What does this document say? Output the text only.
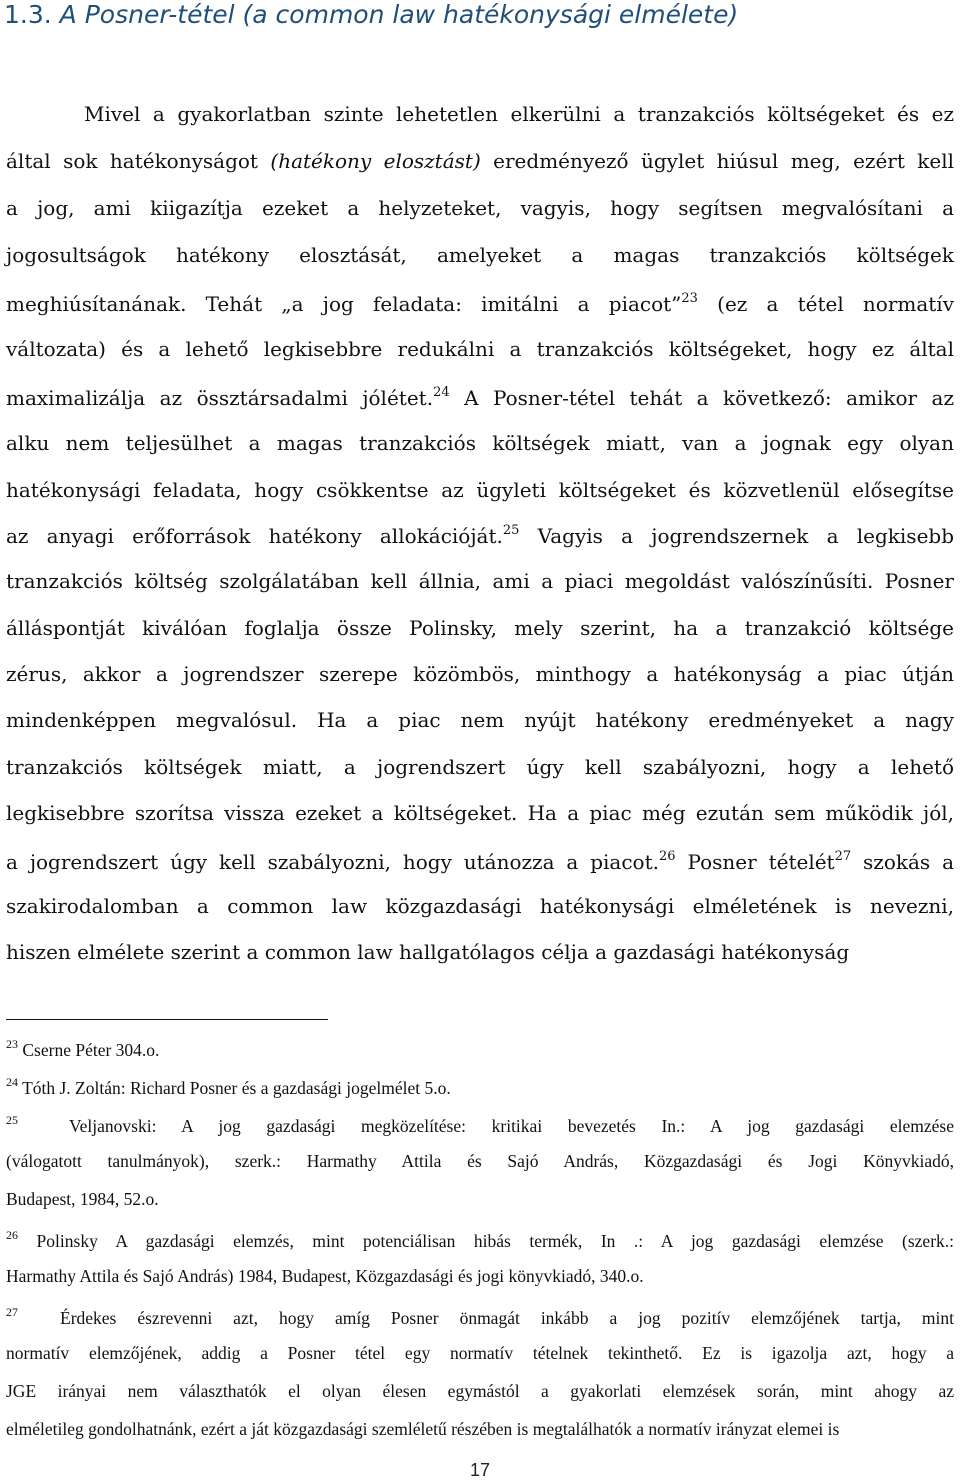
1.3. A Posner-tétel (a common law hatékonysági elmélete)

Mivel a gyakorlatban szinte lehetetlen elkerülni a tranzakciós költségeket és ez

által sok hatékonyságot (hatékony elosztást) eredményező ügylet hiúsul meg, ezért kell

a jog, ami kiigazítja ezeket a helyzeteket, vagyis, hogy segítsen megvalósítani a

jogosultságok hatékony elosztását, amelyeket a magas tranzakciós költségek

meghiúsítanának. Tehát „a jog feladata: imitálni a piacot”$^{23}$ (ez a tétel normatív

változata) és a lehető legkisebbre redukálni a tranzakciós költségeket, hogy ez által

maximalizálja az össztársadalmi jólétet.$^{24}$ A Posner-tétel tehát a következő: amikor az

alku nem teljesülhet a magas tranzakciós költségek miatt, van a jognak egy olyan

hatékonysági feladata, hogy csökkentse az ügyleti költségeket és közvetlenül elősegítse

az anyagi erőforrások hatékony allokációját.$^{25}$ Vagyis a jogrendszernek a legkisebb

tranzakciós költség szolgálatában kell állnia, ami a piaci megoldást valószínűsíti. Posner

álláspontját kiválóan foglalja össze Polinsky, mely szerint, ha a tranzakció költsége

zérus, akkor a jogrendszer szerepe közömbös, minthogy a hatékonyság a piac útján

mindenképpen megvalósul. Ha a piac nem nyújt hatékony eredményeket a nagy

tranzakciós költségek miatt, a jogrendszert úgy kell szabályozni, hogy a lehető

legkisebbre szorítsa vissza ezeket a költségeket. Ha a piac még ezután sem működik jól,

a jogrendszert úgy kell szabályozni, hogy utánozza a piacot.$^{26}$ Posner tételét$^{27}$ szokás a

szakirodalomban a common law közgazdasági hatékonysági elméletének is nevezni,

hiszen elmélete szerint a common law hallgatólagos célja a gazdasági hatékonyság

$^{23}$ Cserne Péter 304.o.

$^{24}$ Tóth J. Zoltán: Richard Posner és a gazdasági jogelmélet 5.o.

$^{25}$	Veljanovski: A jog gazdasági megközelítése: kritikai bevezetés In.: A jog gazdasági elemzése

(válogatott tanulmányok), szerk.: Harmathy Attila és Sajó András, Közgazdasági és Jogi Könyvkiadó,

Budapest, 1984, 52.o.

$^{26}$ Polinsky A gazdasági elemzés, mint potenciálisan hibás termék, In .: A jog gazdasági elemzése (szerk.:

Harmathy Attila és Sajó András) 1984, Budapest, Közgazdasági és jogi könyvkiadó, 340.o.

$^{27}$ Érdekes észrevenni azt, hogy amíg Posner önmagát inkább a jog pozitív elemzőjének tartja, mint

normatív elemzőjének, addig a Posner tétel egy normatív tételnek tekinthető. Ez is igazolja azt, hogy a

JGE irányai nem választhatók el olyan élesen egymástól a gyakorlati elemzések során, mint ahogy az

elméletileg gondolhatnánk, ezért a ját közgazdasági szemléletű részében is megtalálhatók a normatív irányzat elemei is

17
